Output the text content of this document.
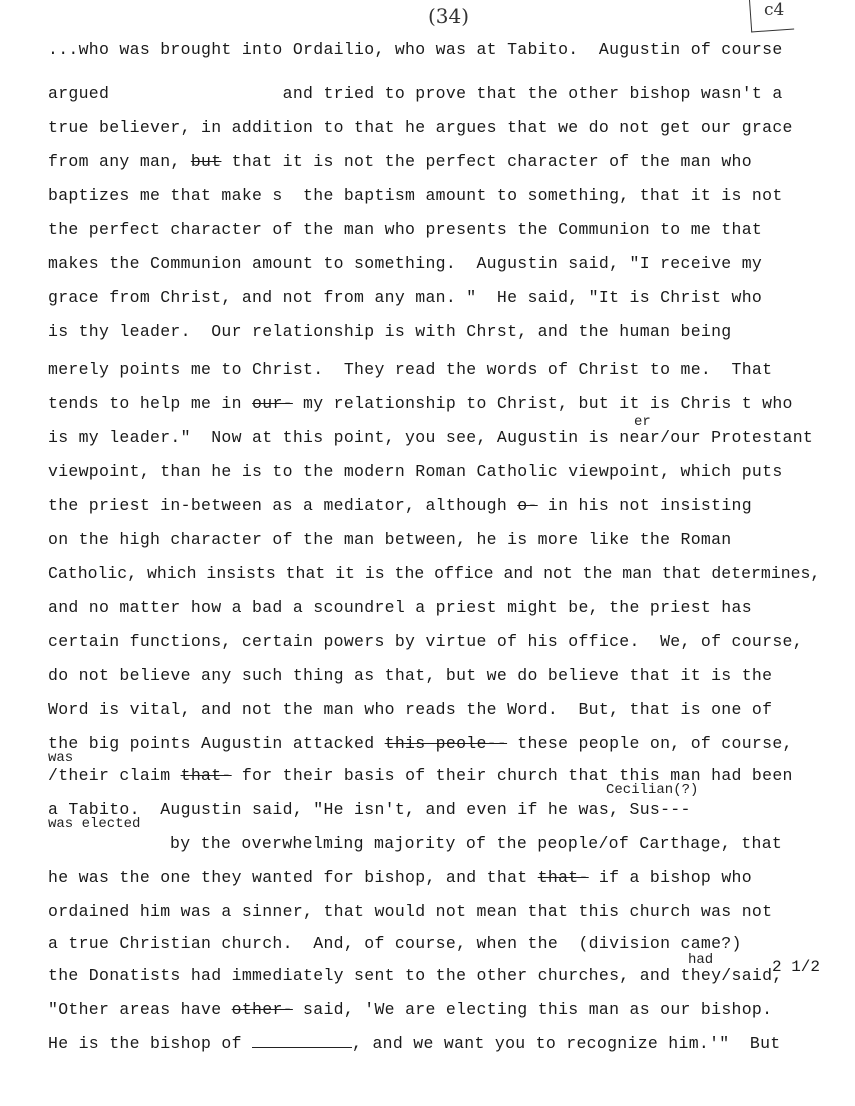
(34)	c4
...who was brought into Ordailio, who was at Tabito.  Augustin of course
argued                 and tried to prove that the other bishop wasn't a
true believer, in addition to that he argues that we do not get our grace
from any man, but that it is not the perfect character of the man who
baptizes me that make s  the baptism amount to something, that it is not
the perfect character of the man who presents the Communion to me that
makes the Communion amount to something.  Augustin said, "I receive my
grace from Christ, and not from any man. "  He said, "It is Christ who
is thy leader.  Our relationship is with Chrst, and the human being
merely points me to Christ.  They read the words of Christ to me.  That
tends to help me in our- my relationship to Christ, but it is Chris t who
er
is my leader."  Now at this point, you see, Augustin is near/our Protestant
viewpoint, than he is to the modern Roman Catholic viewpoint, which puts
the priest in-between as a mediator, although o- in his not insisting
on the high character of the man between, he is more like the Roman
Catholic, which insists that it is the office and not the man that determines,
and no matter how a bad a scoundrel a priest might be, the priest has
certain functions, certain powers by virtue of his office.  We, of course,
do not believe any such thing as that, but we do believe that it is the
Word is vital, and not the man who reads the Word.  But, that is one of
the big points Augustin attacked this peole-- these people on, of course,
was
/their claim that- for their basis of their church that this man had been
Cecilian(?)
a Tabito.  Augustin said, "He isn't, and even if he was, Sus---
was elected
by the overwhelming majority of the people/of Carthage, that
he was the one they wanted for bishop, and that that- if a bishop who
ordained him was a sinner, that would not mean that this church was not
a true Christian church.  And, of course, when the  (division came?)
2 1/2
had
the Donatists had immediately sent to the other churches, and they/said,
"Other areas have other- said, 'We are electing this man as our bishop.
He is the bishop of	, and we want you to recognize him.'"  But
